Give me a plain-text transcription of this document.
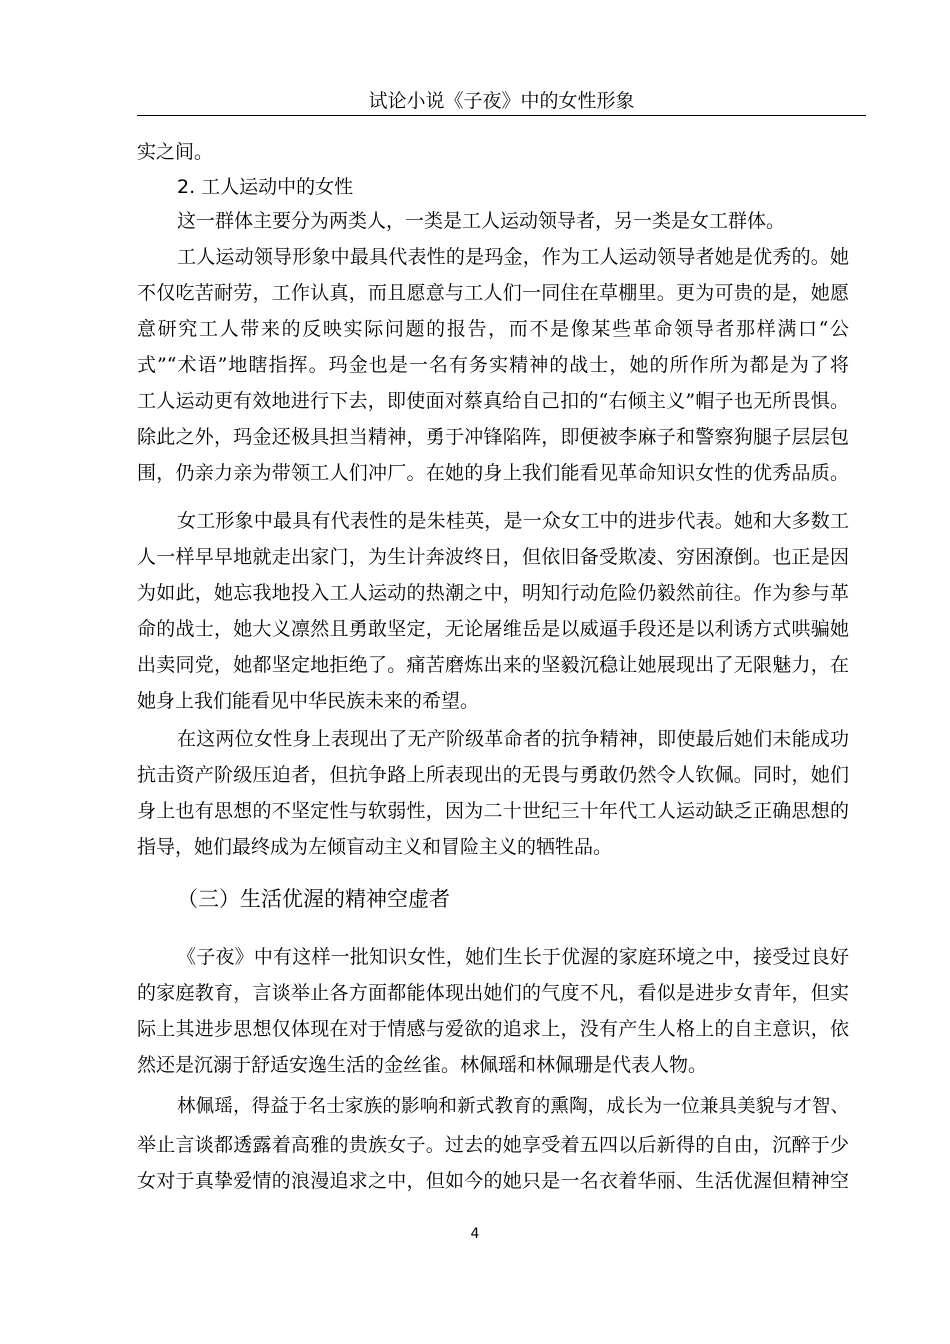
试论小说《子夜》中的女性形象
实之间。
2. 工人运动中的女性
这一群体主要分为两类人，一类是工人运动领导者，另一类是女工群体。
工人运动领导形象中最具代表性的是玛金，作为工人运动领导者她是优秀的。她
不仅吃苦耐劳，工作认真，而且愿意与工人们一同住在草棚里。更为可贵的是，她愿
意研究工人带来的反映实际问题的报告，而不是像某些革命领导者那样满口“公
式”“术语”地瞎指挥。玛金也是一名有务实精神的战士，她的所作所为都是为了将
工人运动更有效地进行下去，即使面对蔡真给自己扣的“右倾主义”帽子也无所畏惧。
除此之外，玛金还极具担当精神，勇于冲锋陷阵，即便被李麻子和警察狗腿子层层包
围，仍亲力亲为带领工人们冲厂。在她的身上我们能看见革命知识女性的优秀品质。
女工形象中最具有代表性的是朱桂英，是一众女工中的进步代表。她和大多数工
人一样早早地就走出家门，为生计奔波终日，但依旧备受欺凌、穷困潦倒。也正是因
为如此，她忘我地投入工人运动的热潮之中，明知行动危险仍毅然前往。作为参与革
命的战士，她大义凛然且勇敢坚定，无论屠维岳是以威逼手段还是以利诱方式哄骗她
出卖同党，她都坚定地拒绝了。痛苦磨炼出来的坚毅沉稳让她展现出了无限魅力，在
她身上我们能看见中华民族未来的希望。
在这两位女性身上表现出了无产阶级革命者的抗争精神，即使最后她们未能成功
抗击资产阶级压迫者，但抗争路上所表现出的无畏与勇敢仍然令人钦佩。同时，她们
身上也有思想的不坚定性与软弱性，因为二十世纪三十年代工人运动缺乏正确思想的
指导，她们最终成为左倾盲动主义和冒险主义的牺牲品。
（三）生活优渥的精神空虚者
《子夜》中有这样一批知识女性，她们生长于优渥的家庭环境之中，接受过良好
的家庭教育，言谈举止各方面都能体现出她们的气度不凡，看似是进步女青年，但实
际上其进步思想仅体现在对于情感与爱欲的追求上，没有产生人格上的自主意识，依
然还是沉溺于舒适安逸生活的金丝雀。林佩瑶和林佩珊是代表人物。
林佩瑶，得益于名士家族的影响和新式教育的熏陶，成长为一位兼具美貌与才智、
举止言谈都透露着高雅的贵族女子。过去的她享受着五四以后新得的自由，沉醉于少
女对于真挚爱情的浪漫追求之中，但如今的她只是一名衣着华丽、生活优渥但精神空
4
